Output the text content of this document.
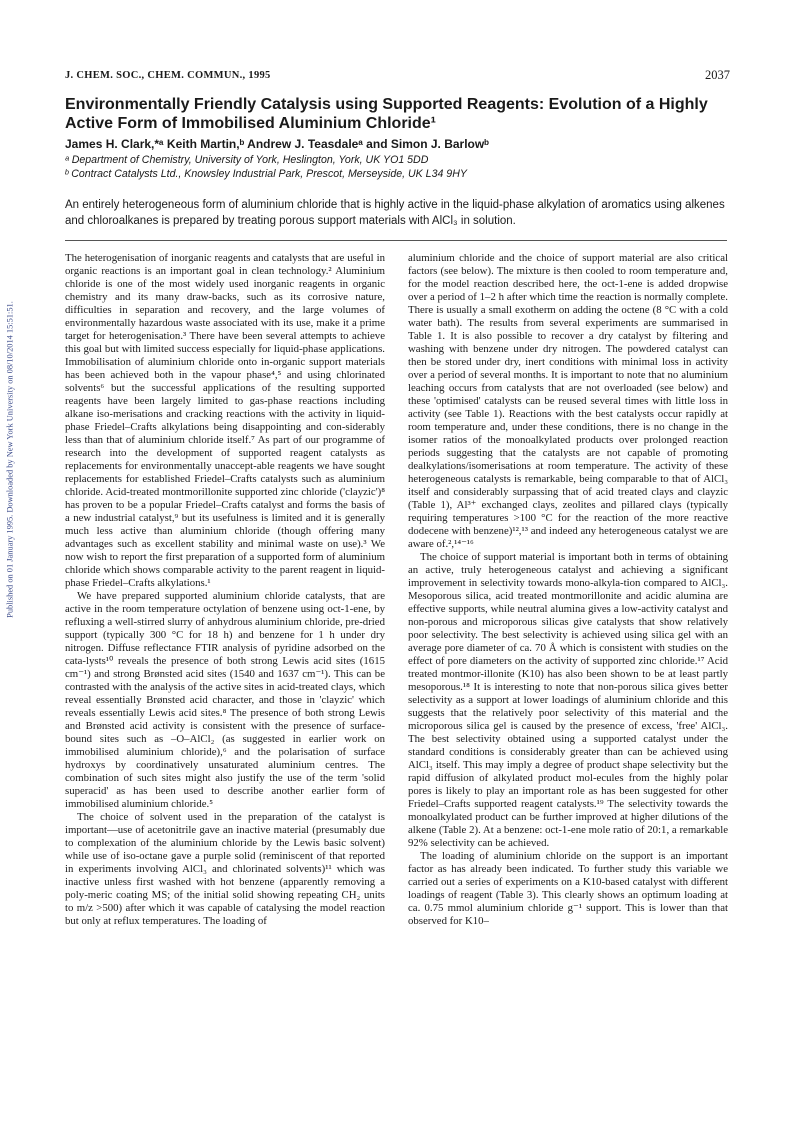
J. CHEM. SOC., CHEM. COMMUN., 1995	2037
Environmentally Friendly Catalysis using Supported Reagents: Evolution of a Highly Active Form of Immobilised Aluminium Chloride¹

James H. Clark,*ᵃ Keith Martin,ᵇ Andrew J. Teasdaleᵃ and Simon J. Barlowᵇ

ᵃ Department of Chemistry, University of York, Heslington, York, UK YO1 5DD

ᵇ Contract Catalysts Ltd., Knowsley Industrial Park, Prescot, Merseyside, UK L34 9HY

An entirely heterogeneous form of aluminium chloride that is highly active in the liquid-phase alkylation of aromatics using alkenes and chloroalkanes is prepared by treating porous support materials with AlCl₃ in solution.

Published on 01 January 1995. Downloaded by New York University on 08/10/2014 15:51:51.

The heterogenisation of inorganic reagents and catalysts that are useful in organic reactions is an important goal in clean technology.² Aluminium chloride is one of the most widely used inorganic reagents in organic chemistry and its many draw-backs, such as its corrosive nature, difficulties in separation and recovery, and the large volumes of environmentally hazardous waste associated with its use, make it a prime target for heterogenisation.³ There have been several attempts to achieve this goal but with limited success especially for liquid-phase applications. Immobilisation of aluminium chloride onto in-organic support materials has been achieved both in the vapour phase⁴,⁵ and using chlorinated solvents⁶ but the successful applications of the resulting supported reagents have been largely limited to gas-phase reactions including alkane iso-merisations and cracking reactions with the activity in liquid-phase Friedel–Crafts alkylations being disappointing and con-siderably less than that of aluminium chloride itself.⁷ As part of our programme of research into the development of supported reagent catalysts as replacements for environmentally unaccept-able reagents we have sought replacements for established Friedel–Crafts catalysts such as aluminium chloride. Acid-treated montmorillonite supported zinc chloride ('clayzic')⁸ has proven to be a popular Friedel–Crafts catalyst and forms the basis of a new industrial catalyst,⁹ but its usefulness is limited and it is generally much less active than aluminium chloride (though offering many advantages such as excellent stability and minimal waste on use).³ We now wish to report the first preparation of a supported form of aluminium chloride which shows comparable activity to the parent reagent in liquid-phase Friedel–Crafts alkylations.¹

We have prepared supported aluminium chloride catalysts, that are active in the room temperature octylation of benzene using oct-1-ene, by refluxing a well-stirred slurry of anhydrous aluminium chloride, pre-dried support (typically 300 °C for 18 h) and benzene for 1 h under dry nitrogen. Diffuse reflectance FTIR analysis of pyridine adsorbed on the cata-lysts¹⁰ reveals the presence of both strong Lewis acid sites (1615 cm⁻¹) and strong Brønsted acid sites (1540 and 1637 cm⁻¹). This can be contrasted with the analysis of the active sites in acid-treated clays, which reveal essentially Brønsted acid character, and those in 'clayzic' which reveals essentially Lewis acid sites.⁸ The presence of both strong Lewis and Brønsted acid activity is consistent with the presence of surface-bound sites such as –O–AlCl₂ (as suggested in earlier work on immobilised aluminium chloride),⁶ and the polarisation of surface hydroxys by coordinatively unsaturated aluminium centres. The combination of such sites might also justify the use of the term 'solid superacid' as has been used to describe another earlier form of immobilised aluminium chloride.⁵

The choice of solvent used in the preparation of the catalyst is important—use of acetonitrile gave an inactive material (presumably due to complexation of the aluminium chloride by the Lewis basic solvent) while use of iso-octane gave a purple solid (reminiscent of that reported in experiments involving AlCl₃ and chlorinated solvents)¹¹ which was inactive unless first washed with hot benzene (apparently removing a poly-meric coating MS; of the initial solid showing repeating CH₂ units to m/z >500) after which it was capable of catalysing the model reaction but only at reflux temperatures. The loading of

aluminium chloride and the choice of support material are also critical factors (see below). The mixture is then cooled to room temperature and, for the model reaction described here, the oct-1-ene is added dropwise over a period of 1–2 h after which time the reaction is normally complete. There is usually a small exotherm on adding the octene (8 °C with a cold water bath). The results from several experiments are summarised in Table 1. It is also possible to recover a dry catalyst by filtering and washing with benzene under dry nitrogen. The powdered catalyst can then be stored under dry, inert conditions with minimal loss in activity over a period of several months. It is important to note that no aluminium leaching occurs from catalysts that are not overloaded (see below) and these 'optimised' catalysts can be reused several times with little loss in activity (see Table 1). Reactions with the best catalysts occur rapidly at room temperature and, under these conditions, there is no change in the isomer ratios of the monoalkylated products over prolonged reaction periods suggesting that the catalysts are not capable of promoting dealkylations/isomerisations at room temperature. The activity of these heterogeneous catalysts is remarkable, being comparable to that of AlCl₃ itself and considerably surpassing that of acid treated clays and clayzic (Table 1), Al³⁺ exchanged clays, zeolites and pillared clays (typically requiring temperatures >100 °C for the reaction of the more reactive dodecene with benzene)¹²,¹³ and indeed any heterogeneous catalyst we are aware of.²,¹⁴⁻¹⁶

The choice of support material is important both in terms of obtaining an active, truly heterogeneous catalyst and achieving a significant improvement in selectivity towards mono-alkyla-tion compared to AlCl₃. Mesoporous silica, acid treated montmorillonite and acidic alumina are effective supports, while neutral alumina gives a low-activity catalyst and non-porous and microporous silicas give catalysts that show relatively poor selectivity. The best selectivity is achieved using silica gel with an average pore diameter of ca. 70 Å which is consistent with studies on the effect of pore diameters on the activity of supported zinc chloride.¹⁷ Acid treated montmor-illonite (K10) has also been shown to be at least partly mesoporous.¹⁸ It is interesting to note that non-porous silica gives better selectivity as a support at lower loadings of aluminium chloride and this suggests that the relatively poor selectivity of this material and the microporous silica gel is caused by the presence of excess, 'free' AlCl₃. The best selectivity obtained using a supported catalyst under the standard conditions is considerably greater than can be achieved using AlCl₃ itself. This may imply a degree of product shape selectivity but the rapid diffusion of alkylated product mol-ecules from the highly polar pores is likely to play an important role as has been suggested for other Friedel–Crafts supported reagent catalysts.¹⁹ The selectivity towards the monoalkylated product can be further improved at higher dilutions of the alkene (Table 2). At a benzene: oct-1-ene mole ratio of 20:1, a remarkable 92% selectivity can be achieved.

The loading of aluminium chloride on the support is an important factor as has already been indicated. To further study this variable we carried out a series of experiments on a K10-based catalyst with different loadings of reagent (Table 3). This clearly shows an optimum loading at ca. 0.75 mmol aluminium chloride g⁻¹ support. This is lower than that observed for K10–
